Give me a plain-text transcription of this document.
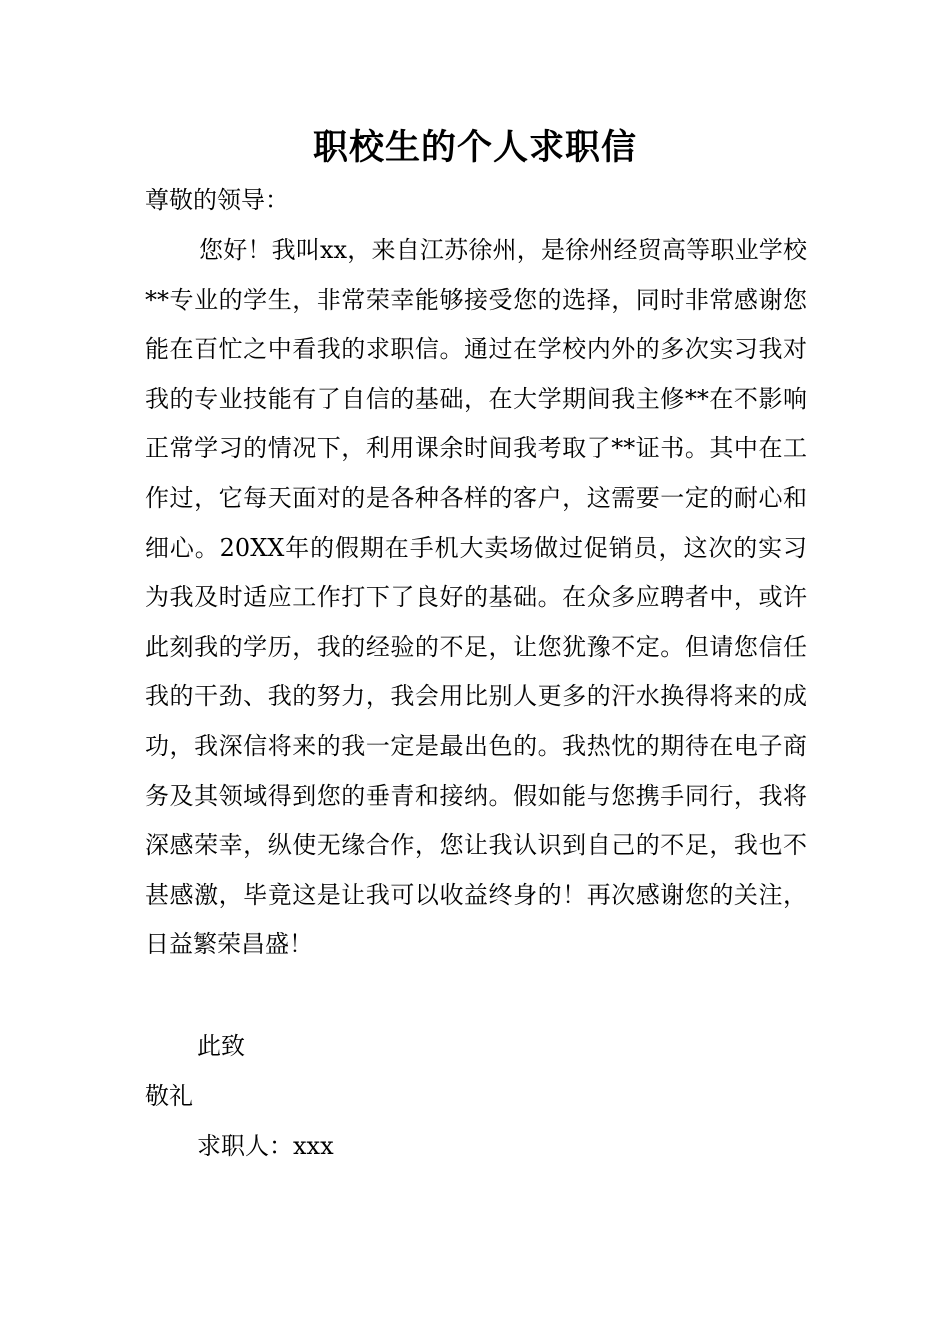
职校生的个人求职信
尊敬的领导：
您好！我叫xx，来自江苏徐州，是徐州经贸高等职业学校**专业的学生，非常荣幸能够接受您的选择，同时非常感谢您能在百忙之中看我的求职信。通过在学校内外的多次实习我对我的专业技能有了自信的基础，在大学期间我主修**在不影响正常学习的情况下，利用课余时间我考取了**证书。其中在工作过，它每天面对的是各种各样的客户，这需要一定的耐心和细心。20XX年的假期在手机大卖场做过促销员，这次的实习为我及时适应工作打下了良好的基础。在众多应聘者中，或许此刻我的学历，我的经验的不足，让您犹豫不定。但请您信任我的干劲、我的努力，我会用比别人更多的汗水换得将来的成功，我深信将来的我一定是最出色的。我热忱的期待在电子商务及其领域得到您的垂青和接纳。假如能与您携手同行，我将深感荣幸，纵使无缘合作，您让我认识到自己的不足，我也不甚感激，毕竟这是让我可以收益终身的！再次感谢您的关注，日益繁荣昌盛！
此致
敬礼
求职人：xxx
